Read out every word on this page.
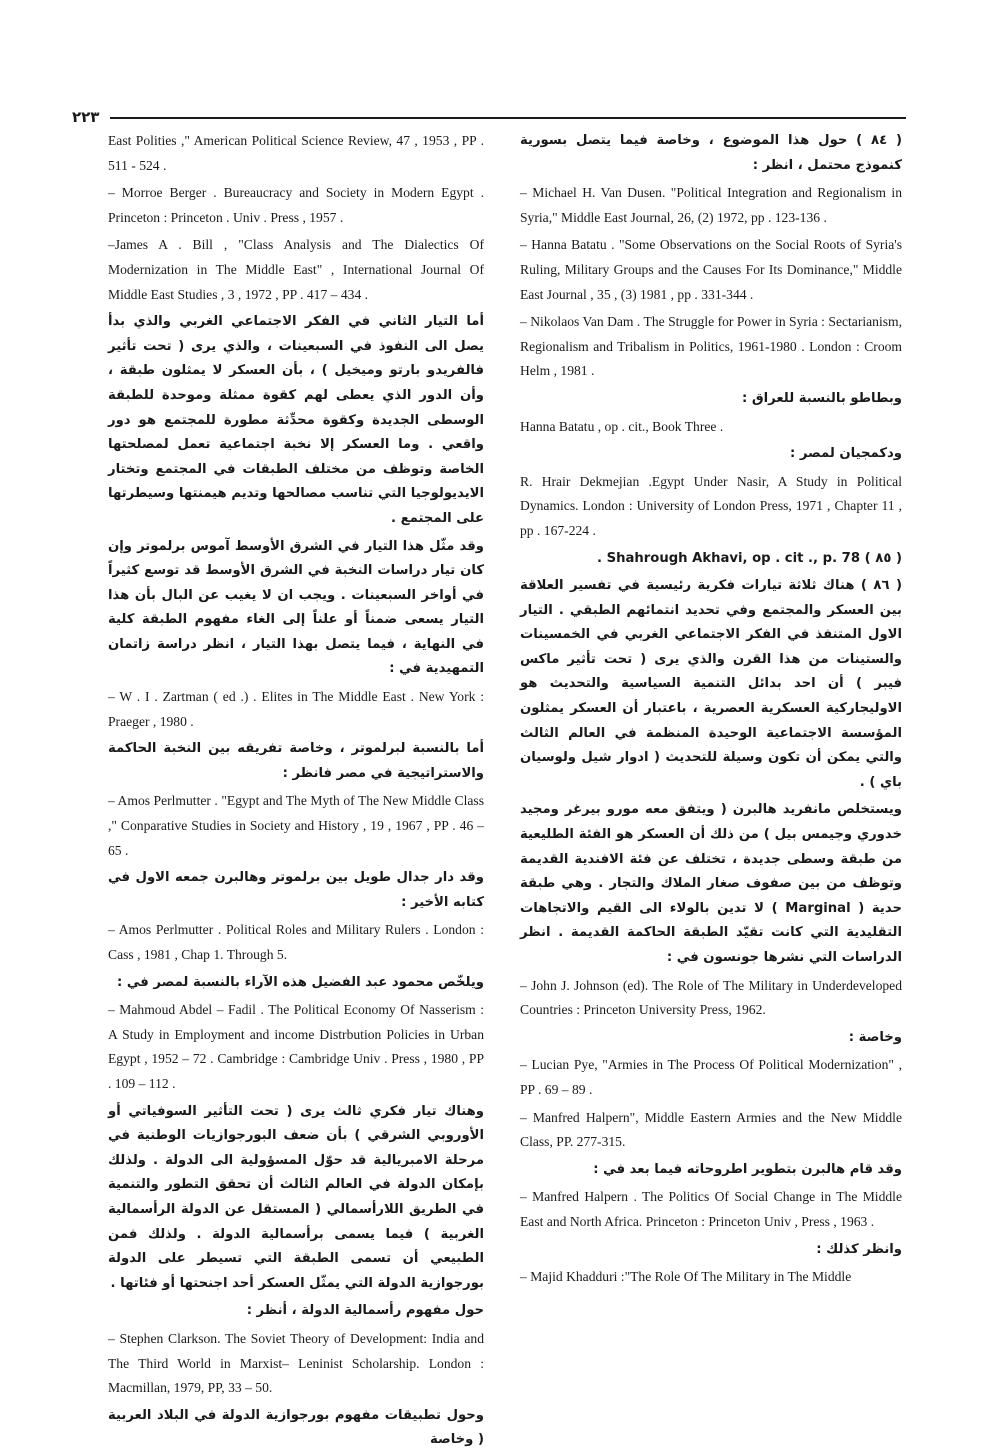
٢٢٣

East Polities ," American Political Science Review, 47 , 1953 , PP . 511 - 524 .

– Morroe Berger . Bureaucracy and Society in Modern Egypt . Princeton : Princeton . Univ . Press , 1957 .

–James A . Bill , "Class Analysis and The Dialectics Of Modernization in The Middle East" , International Journal Of Middle East Studies , 3 , 1972 , PP . 417 – 434 .

أما التيار الثاني في الفكر الاجتماعي الغربي والذي بدأ يصل الى النفوذ في السبعينات ، والذي يرى ( تحت تأثير فالفريدو بارتو وميخيل ) ، بأن العسكر لا يمثلون طبقة ، وأن الدور الذي يعطى لهم كقوة ممثلة وموحدة للطبقة الوسطى الجديدة وكقوة محدِّثة مطورة للمجتمع هو دور واقعي . وما العسكر إلا نخبة اجتماعية تعمل لمصلحتها الخاصة وتوظف من مختلف الطبقات في المجتمع وتختار الايديولوجيا التي تناسب مصالحها وتديم هيمنتها وسيطرتها على المجتمع .

وقد مثّل هذا التيار في الشرق الأوسط آموس برلموتر وإن كان تيار دراسات النخبة في الشرق الأوسط قد توسع كثيراً في أواخر السبعينات . ويجب ان لا يغيب عن البال بأن هذا التيار يسعى ضمناً أو علناً إلى الغاء مفهوم الطبقة كلية في النهاية ، فيما يتصل بهذا التيار ، انظر دراسة زاتمان التمهيدية في :

– W . I . Zartman ( ed .) . Elites in The Middle East . New York : Praeger , 1980 .

أما بالنسبة لبرلموتر ، وخاصة تفريقه بين النخبة الحاكمة والاستراتيجية في مصر فانظر :

– Amos Perlmutter . "Egypt and The Myth of The New Middle Class ," Conparative Studies in Society and History , 19 , 1967 , PP . 46 – 65 .

وقد دار جدال طويل بين برلموتر وهالبرن جمعه الاول في كتابه الأخير :

– Amos Perlmutter . Political Roles and Military Rulers . London : Cass , 1981 , Chap 1. Through 5.

ويلخّص محمود عبد الفضيل هذه الآراء بالنسبة لمصر في :

– Mahmoud Abdel – Fadil . The Political Economy Of Nasserism : A Study in Employment and income Distrbution Policies in Urban Egypt , 1952 – 72 . Cambridge : Cambridge Univ . Press , 1980 , PP . 109 – 112 .

وهناك تيار فكري ثالث يرى ( تحت التأثير السوفياتي أو الأوروبي الشرقي ) بأن ضعف البورجوازيات الوطنية في مرحلة الامبريالية قد حوّل المسؤولية الى الدولة . ولذلك بإمكان الدولة في العالم الثالث أن تحقق التطور والتنمية في الطريق اللارأسمالي ( المستقل عن الدولة الرأسمالية الغربية ) فيما يسمى برأسمالية الدولة . ولذلك فمن الطبيعي أن تسمى الطبقة التي تسيطر على الدولة بورجوازية الدولة التي يمثّل العسكر أحد اجنحتها أو فئاتها .

حول مفهوم رأسمالية الدولة ، أنظر :

– Stephen Clarkson. The Soviet Theory of Development: India and The Third World in Marxist– Leninist Scholarship. London : Macmillan, 1979, PP, 33 – 50.

وحول تطبيقات مفهوم بورجوازية الدولة في البلاد العربية ( وخاصة

( ٨٤ ) حول هذا الموضوع ، وخاصة فيما يتصل بسورية كنموذج محتمل ، انظر :

– Michael H. Van Dusen. "Political Integration and Regionalism in Syria," Middle East Journal, 26, (2) 1972, pp . 123-136 .

– Hanna Batatu . "Some Observations on the Social Roots of Syria's Ruling, Military Groups and the Causes For Its Dominance," Middle East Journal , 35 , (3) 1981 , pp . 331-344 .

– Nikolaos Van Dam . The Struggle for Power in Syria : Sectarianism, Regionalism and Tribalism in Politics, 1961-1980 . London : Croom Helm , 1981 .

وبطاطو بالنسبة للعراق :

Hanna Batatu , op . cit., Book Three .

ودكمجيان لمصر :

R. Hrair Dekmejian .Egypt Under Nasir, A Study in Political Dynamics. London : University of London Press, 1971 , Chapter 11 , pp . 167-224 .

( ٨٥ ) Shahrough Akhavi, op . cit ., p. 78 .

( ٨٦ ) هناك ثلاثة تيارات فكرية رئيسية في تفسير العلاقة بين العسكر والمجتمع وفي تحديد انتمائهم الطبقي . التيار الاول المتنفذ في الفكر الاجتماعي الغربي في الخمسينات والستينات من هذا القرن والذي يرى ( تحت تأثير ماكس فيبر ) أن احد بدائل التنمية السياسية والتحديث هو الاوليجاركية العسكرية العصرية ، باعتبار أن العسكر يمثلون المؤسسة الاجتماعية الوحيدة المنظمة في العالم الثالث والتي يمكن أن تكون وسيلة للتحديث ( ادوار شيل ولوسيان باي ) .

ويستخلص مانفريد هالبرن ( ويتفق معه مورو بيرغر ومجيد خدوري وجيمس بيل ) من ذلك أن العسكر هو الفئة الطليعية من طبقة وسطى جديدة ، تختلف عن فئة الافندية القديمة وتوظف من بين صفوف صغار الملاك والتجار . وهي طبقة حدية ( Marginal ) لا تدين بالولاء الى القيم والاتجاهات التقليدية التي كانت تقيّد الطبقة الحاكمة القديمة . انظر الدراسات التي نشرها جونسون في :

– John J. Johnson (ed). The Role of The Military in Underdeveloped Countries : Princeton University Press, 1962.

وخاصة :

– Lucian Pye, "Armies in The Process Of Political Modernization" , PP . 69 – 89 .

– Manfred Halpern", Middle Eastern Armies and the New Middle Class, PP. 277-315.

وقد قام هالبرن بتطوير اطروحاته فيما بعد في :

– Manfred Halpern . The Politics Of Social Change in The Middle East and North Africa. Princeton : Princeton Univ , Press , 1963 .

وانظر كذلك :

– Majid Khadduri :"The Role Of The Military in The Middle
